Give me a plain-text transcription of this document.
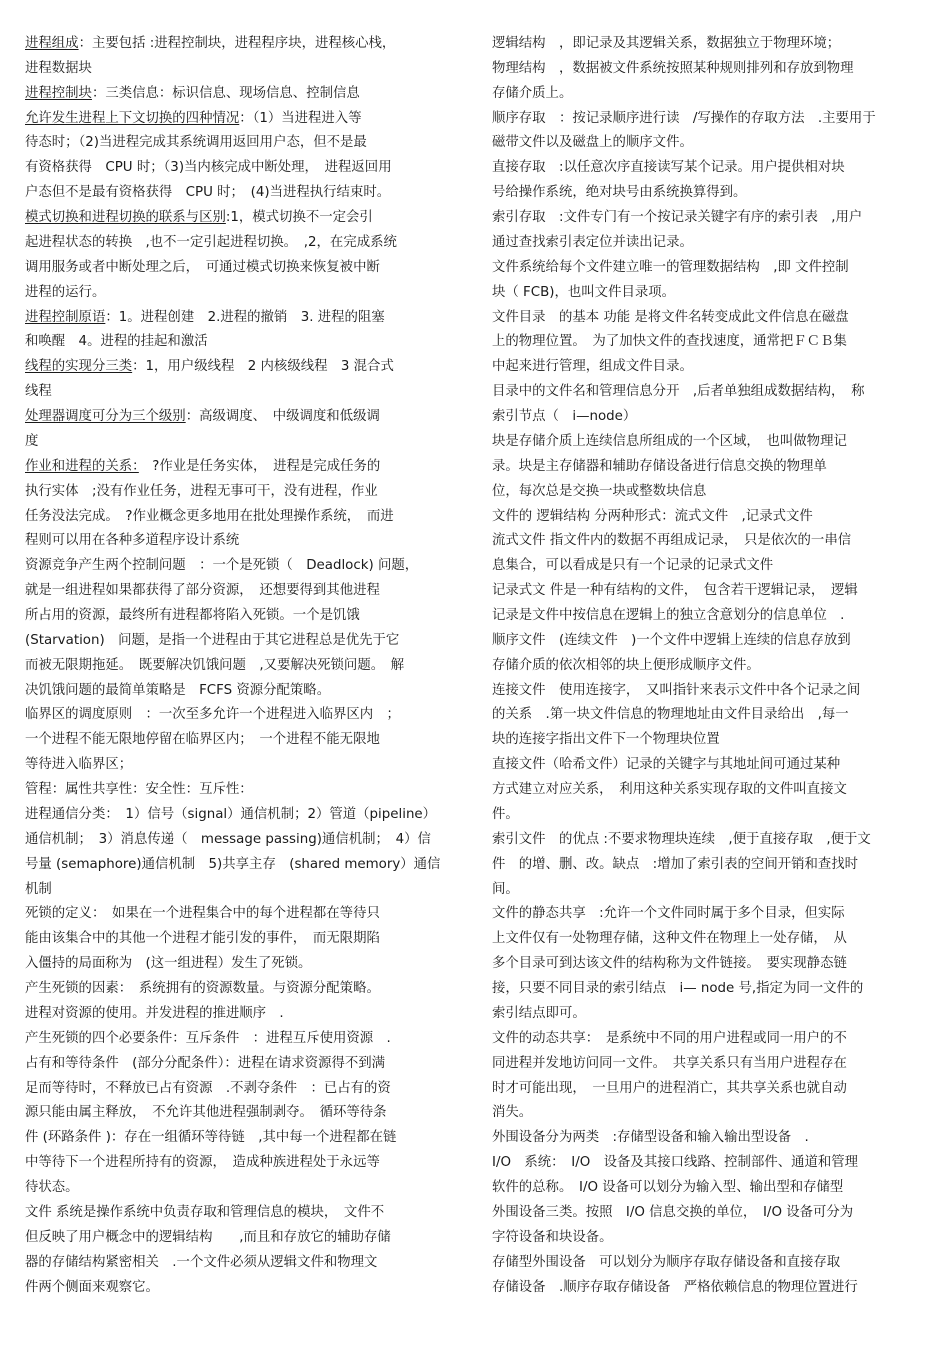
进程组成：主要包括 :进程控制块，进程程序块，进程核心栈，
进程数据块
进程控制块：三类信息：标识信息、现场信息、控制信息
允许发生进程上下文切换的四种情况：（1）当进程进入等
待态时；（2)当进程完成其系统调用返回用户态，但不是最
有资格获得　CPU 时；（3)当内核完成中断处理，　进程返回用
户态但不是最有资格获得　CPU 时；　(4)当进程执行结束时。
模式切换和进程切换的联系与区别:1，模式切换不一定会引
起进程状态的转换　,也不一定引起进程切换。　,2，在完成系统
调用服务或者中断处理之后，　可通过模式切换来恢复被中断
进程的运行。
进程控制原语：1。进程创建　2.进程的撤销　3. 进程的阻塞
和唤醒　4。进程的挂起和激活
线程的实现分三类：1，用户级线程　2 内核级线程　3 混合式
线程
处理器调度可分为三个级别：高级调度、　中级调度和低级调
度
作业和进程的关系：　?作业是任务实体，　进程是完成任务的
执行实体　;没有作业任务，进程无事可干，没有进程，作业
任务没法完成。　?作业概念更多地用在批处理操作系统，　而进
程则可以用在各种多道程序设计系统
资源竞争产生两个控制问题　：一个是死锁（　Deadlock) 问题，
就是一组进程如果都获得了部分资源，　还想要得到其他进程
所占用的资源，最终所有进程都将陷入死锁。一个是饥饿
(Starvation)　问题，是指一个进程由于其它进程总是优先于它
而被无限期拖延。　既要解决饥饿问题　,又要解决死锁问题。　解
决饥饿问题的最简单策略是　FCFS 资源分配策略。
临界区的调度原则　：一次至多允许一个进程进入临界区内　；
一个进程不能无限地停留在临界区内；　一个进程不能无限地
等待进入临界区；
管程：属性共享性：安全性：互斥性：
进程通信分类：　1）信号（signal）通信机制；2）管道（pipeline）
通信机制；　3）消息传递（　message passing)通信机制；　4）信
号量 (semaphore)通信机制　5)共享主存　(shared memory）通信
机制
死锁的定义：　如果在一个进程集合中的每个进程都在等待只
能由该集合中的其他一个进程才能引发的事件，　而无限期陷
入僵持的局面称为　(这一组进程）发生了死锁。
产生死锁的因素：　系统拥有的资源数量。与资源分配策略。
进程对资源的使用。并发进程的推进顺序　.
产生死锁的四个必要条件：互斥条件　：进程互斥使用资源　.
占有和等待条件　(部分分配条件）：进程在请求资源得不到满
足而等待时，不释放已占有资源　.不剥夺条件　：已占有的资
源只能由属主释放，　不允许其他进程强制剥夺。　循环等待条
件 (环路条件 )：存在一组循环等待链　,其中每一个进程都在链
中等待下一个进程所持有的资源，　造成种族进程处于永远等
待状态。
文件 系统是操作系统中负责存取和管理信息的模块，　文件不
但反映了用户概念中的逻辑结构　　,而且和存放它的辅助存储
器的存储结构紧密相关　.一个文件必须从逻辑文件和物理文
件两个侧面来观察它。
逻辑结构　，即记录及其逻辑关系，数据独立于物理环境；
物理结构　，数据被文件系统按照某种规则排列和存放到物理
存储介质上。
顺序存取　：按记录顺序进行读　/写操作的存取方法　.主要用于
磁带文件以及磁盘上的顺序文件。
直接存取　:以任意次序直接读写某个记录。用户提供相对块
号给操作系统，绝对块号由系统换算得到。
索引存取　:文件专门有一个按记录关键字有序的索引表　,用户
通过查找索引表定位并读出记录。
文件系统给每个文件建立唯一的管理数据结构　,即 文件控制
块（ FCB)，也叫文件目录项。
文件目录　的基本 功能 是将文件名转变成此文件信息在磁盘
上的物理位置。　为了加快文件的查找速度，通常把ＦＣＢ集
中起来进行管理，组成文件目录。
目录中的文件名和管理信息分开　,后者单独组成数据结构，　称
索引节点（　i—node）
块是存储介质上连续信息所组成的一个区域，　也叫做物理记
录。块是主存储器和辅助存储设备进行信息交换的物理单
位，每次总是交换一块或整数块信息
文件的 逻辑结构 分两种形式：流式文件　,记录式文件
流式文件 指文件内的数据不再组成记录，　只是依次的一串信
息集合，可以看成是只有一个记录的记录式文件
记录式文 件是一种有结构的文件，　包含若干逻辑记录，　逻辑
记录是文件中按信息在逻辑上的独立含意划分的信息单位　.
顺序文件　(连续文件　)一个文件中逻辑上连续的信息存放到
存储介质的依次相邻的块上便形成顺序文件。
连接文件　使用连接字，　又叫指针来表示文件中各个记录之间
的关系　.第一块文件信息的物理地址由文件目录给出　,每一
块的连接字指出文件下一个物理块位置
直接文件（哈希文件）记录的关键字与其地址间可通过某种
方式建立对应关系，　利用这种关系实现存取的文件叫直接文
件。
索引文件　的优点 :不要求物理块连续　,便于直接存取　,便于文
件　的增、删、改。缺点　:增加了索引表的空间开销和查找时
间。
文件的静态共享　:允许一个文件同时属于多个目录，但实际
上文件仅有一处物理存储，这种文件在物理上一处存储，　从
多个目录可到达该文件的结构称为文件链接。　要实现静态链
接，只要不同目录的索引结点　i— node 号,指定为同一文件的
索引结点即可。
文件的动态共享：　是系统中不同的用户进程或同一用户的不
同进程并发地访问同一文件。　共享关系只有当用户进程存在
时才可能出现，　一旦用户的进程消亡，其共享关系也就自动
消失。
外围设备分为两类　:存储型设备和输入输出型设备　.
I/O　系统：　I/O　设备及其接口线路、控制部件、通道和管理
软件的总称。　I/O 设备可以划分为输入型、输出型和存储型
外围设备三类。按照　I/O 信息交换的单位，　I/O 设备可分为
字符设备和块设备。
存储型外围设备　可以划分为顺序存取存储设备和直接存取
存储设备　.顺序存取存储设备　严格依赖信息的物理位置进行
